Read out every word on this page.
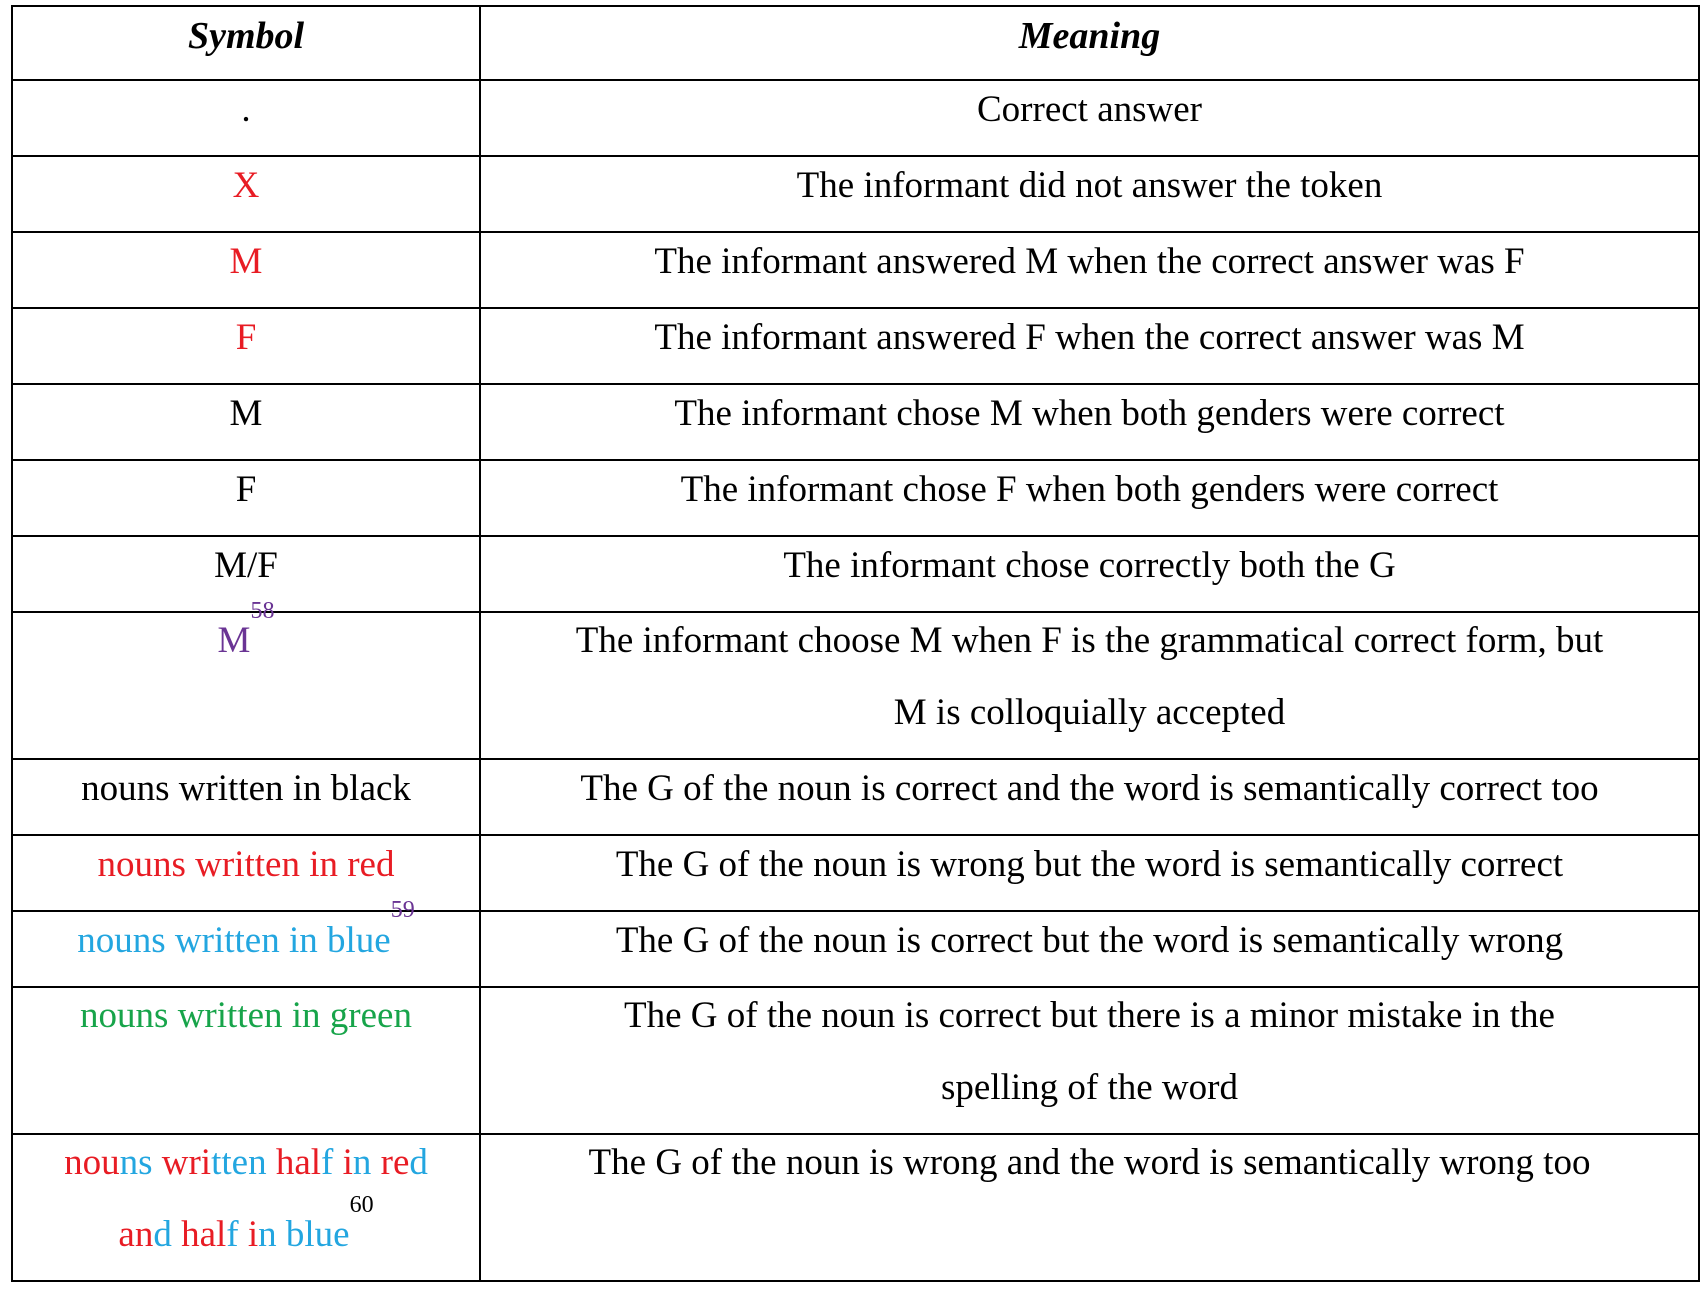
Symbol	Meaning
.	Correct answer
X	The informant did not answer the token
M	The informant answered M when the correct answer was F
F	The informant answered F when the correct answer was M
M	The informant chose M when both genders were correct
F	The informant chose F when both genders were correct
M/F	The informant chose correctly both the G
$M^{58}$	The informant choose M when F is the grammatical correct form, but
M is colloquially accepted

nouns written in black	The G of the noun is correct and the word is semantically correct too
nouns written in red	The G of the noun is wrong but the word is semantically correct
nouns written in blue$^{59}$	The G of the noun is correct but the word is semantically wrong
nouns written in green	The G of the noun is correct but there is a minor mistake in the
spelling of the word

nouns written half in red
and half in blue$^{60}$	The G of the noun is wrong and the word is semantically wrong too
